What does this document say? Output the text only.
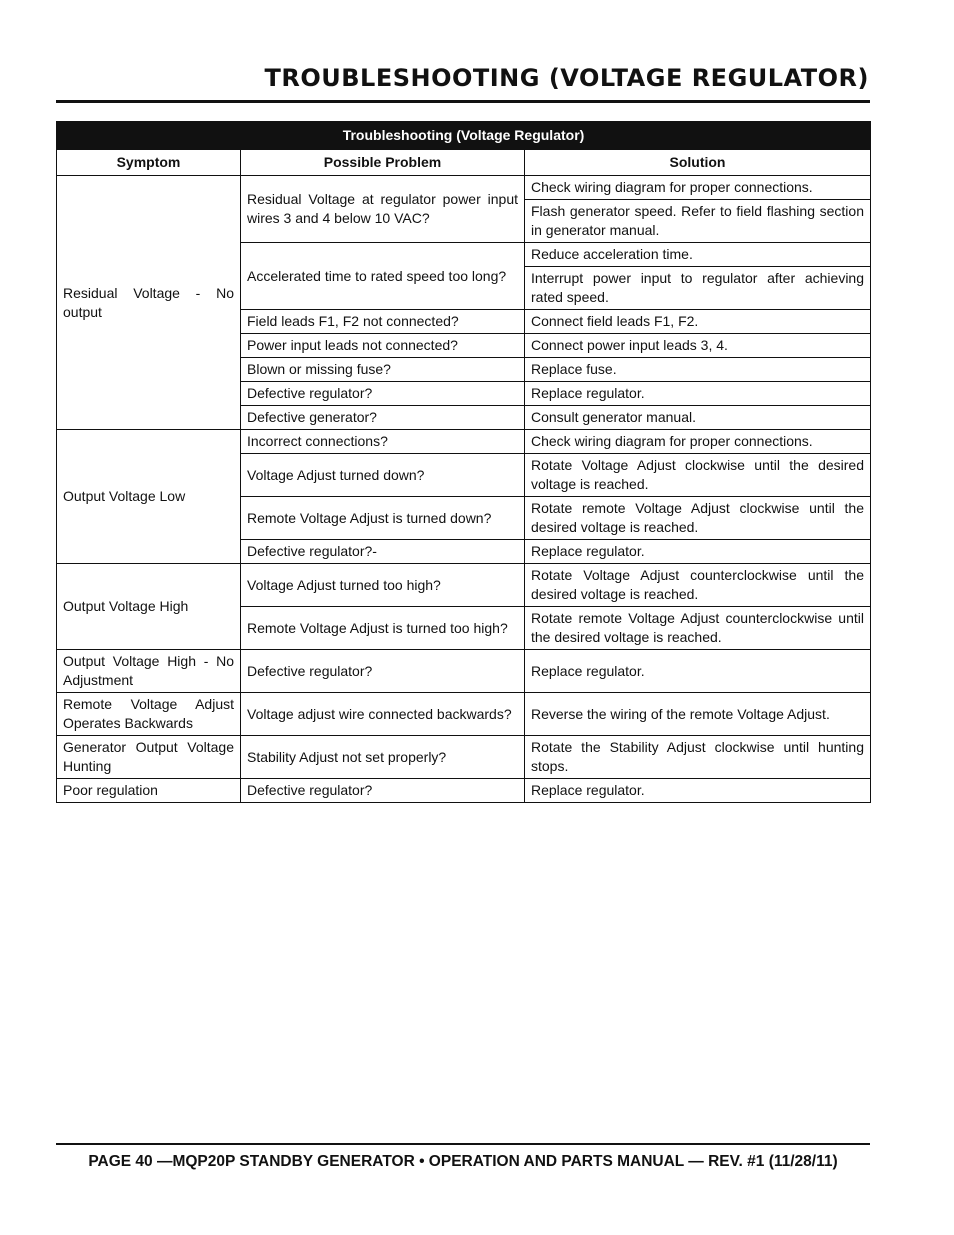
TROUBLESHOOTING (VOLTAGE REGULATOR)
Troubleshooting (Voltage Regulator)		
Symptom	Possible Problem	Solution
Residual Voltage - No output	Residual Voltage at regulator power input wires 3 and 4 below 10 VAC?	Check wiring diagram for proper connections.
		Flash generator speed. Refer to field flashing section in generator manual.
	Accelerated time to rated speed too long?	Reduce acceleration time.
		Interrupt power input to regulator after achieving rated speed.
	Field leads F1, F2 not connected?	Connect field leads F1, F2.
	Power input leads not connected?	Connect power input leads 3, 4.
	Blown or missing fuse?	Replace fuse.
	Defective regulator?	Replace regulator.
	Defective generator?	Consult generator manual.
Output Voltage Low	Incorrect connections?	Check wiring diagram for proper connections.
	Voltage Adjust turned down?	Rotate Voltage Adjust clockwise until the desired voltage is reached.
	Remote Voltage Adjust is turned down?	Rotate remote Voltage Adjust clockwise until the desired voltage is reached.
	Defective regulator?-	Replace regulator.
Output Voltage High	Voltage Adjust turned too high?	Rotate Voltage Adjust counterclockwise until the desired voltage is reached.
	Remote Voltage Adjust is turned too high?	Rotate remote Voltage Adjust counterclockwise until the desired voltage is reached.
Output Voltage High - No Adjustment	Defective regulator?	Replace regulator.
Remote Voltage Adjust Operates Backwards	Voltage adjust wire connected backwards?	Reverse the wiring of the remote Voltage Adjust.
Generator Output Voltage Hunting	Stability Adjust not set properly?	Rotate the Stability Adjust clockwise until hunting stops.
Poor regulation	Defective regulator?	Replace regulator.
PAGE 40 —MQP20P STANDBY GENERATOR • OPERATION AND PARTS MANUAL — REV. #1 (11/28/11)
